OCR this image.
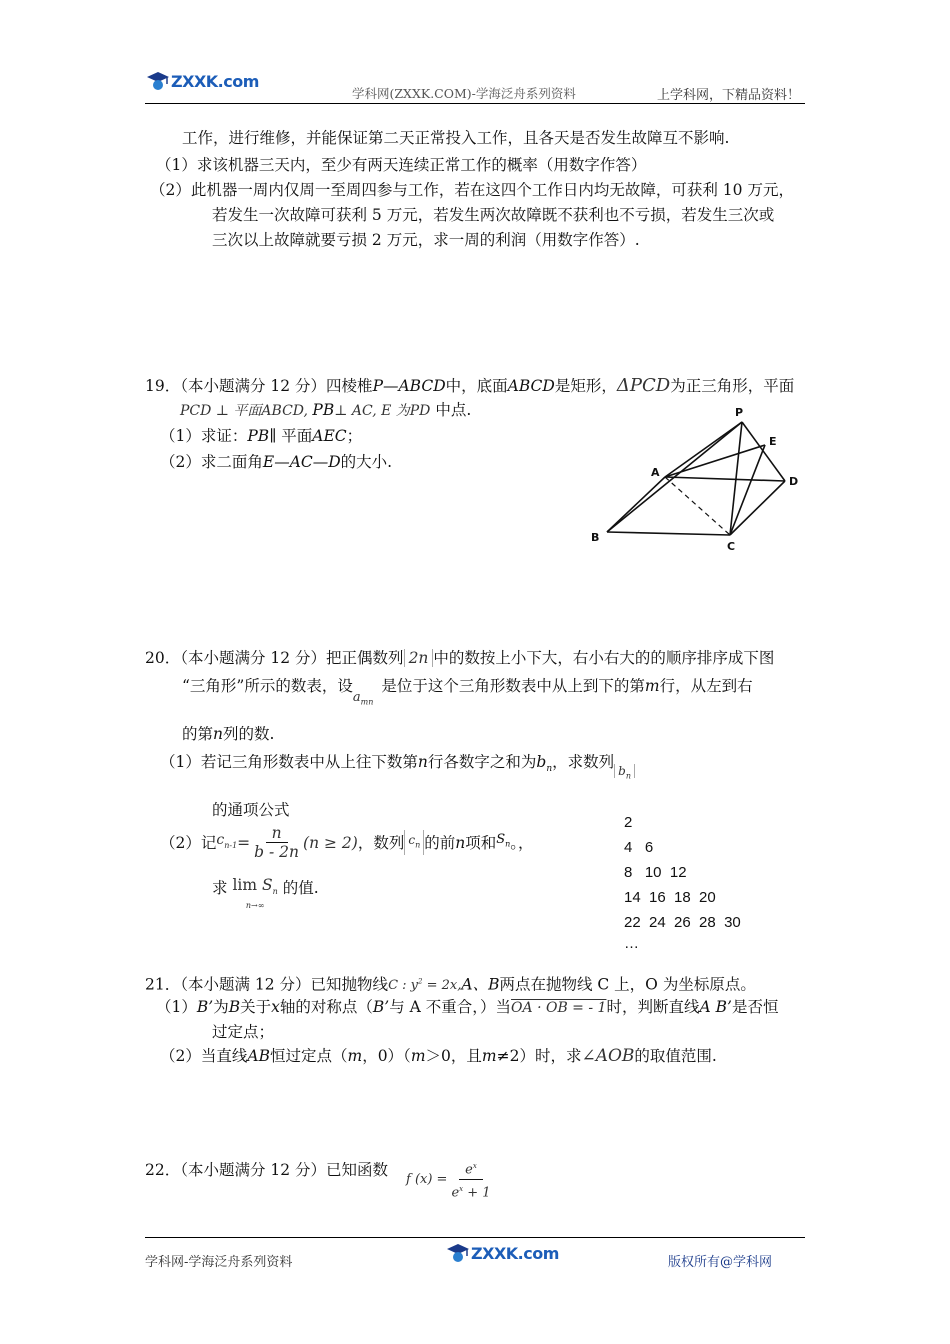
ZXXK.com
学科网(ZXXK.COM)-学海泛舟系列资料	上学科网，下精品资料！
工作，进行维修，并能保证第二天正常投入工作，且各天是否发生故障互不影响.
（1）求该机器三天内，至少有两天连续正常工作的概率（用数字作答）
（2）此机器一周内仅周一至周四参与工作，若在这四个工作日内均无故障，可获利 10 万元，
若发生一次故障可获利 5 万元，若发生两次故障既不获利也不亏损，若发生三次或
三次以上故障就要亏损 2 万元，求一周的利润（用数字作答）.
19．（本小题满分 12 分）四棱椎P—ABCD中，底面ABCD是矩形，ΔPCD为正三角形，平面
PCD ⊥ 平面ABCD, PB⊥ AC, E 为PD 中点.
（1）求证：PB∥ 平面AEC；
（2）求二面角E—AC—D的大小.
P
E
A
D
B
C
20．（本小题满分 12 分）把正偶数列 2n 中的数按上小下大，右小右大的的顺序排序成下图
“三角形”所示的数表，设$_{a_{mn}}$是位于这个三角形数表中从上到下的第m行，从左到右
的第n列的数.
（1）若记三角形数表中从上往下数第n行各数字之和为$b_n$，求数列 $_{b_n}$
的通项公式
（2）记 $c_{n-1} = \frac{n}{b - 2n} (n \ge 2)$ ，数列 $c_n$ 的前 n 项和 $S_n$ 。，
求 $\lim S_n$
n→∞
的值.
2
4   6
8   10  12
14  16  18  20
22  24  26  28  30
…
21．（本小题满 12 分）已知抛物线C : $y^2 = 2x,A$、B两点在抛物线 C 上，O 为坐标原点。
（1）B’为B关于x轴的对称点（B’与 A 不重合，）当OA · OB = - 1时，判断直线A B’是否恒
过定点；
（2）当直线AB恒过定点（m，0）（m＞0，且m≠2）时，求∠AOB的取值范围.
22．（本小题满分 12 分）已知函数
f $(x) = \frac{e^x}{e^x + 1}$
学科网-学海泛舟系列资料	ZXXK.com	版权所有@学科网
